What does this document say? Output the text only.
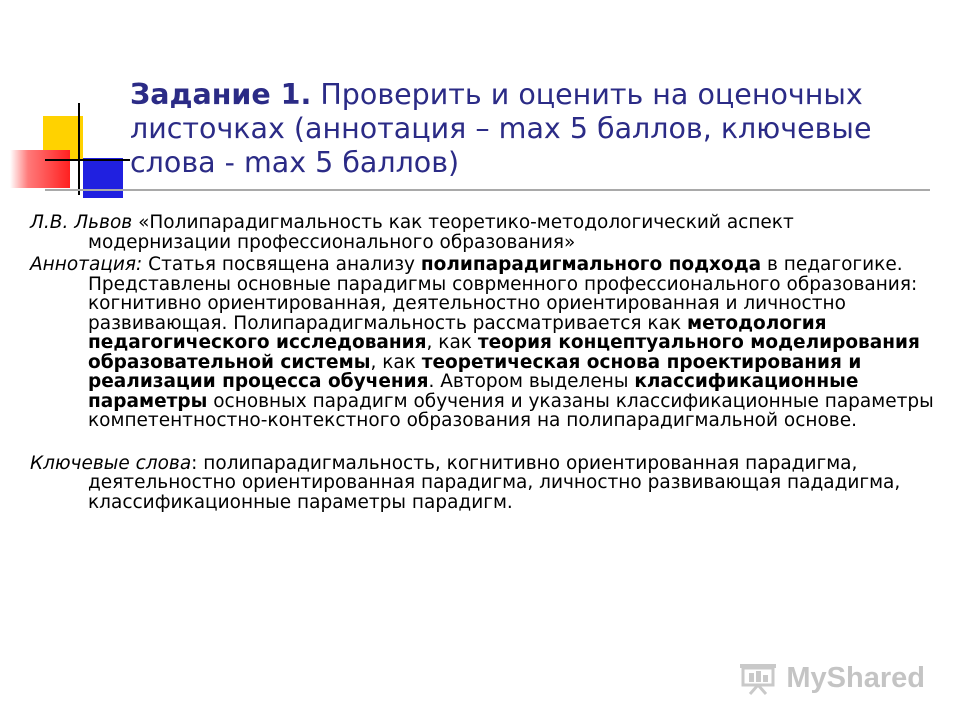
Задание 1. Проверить и оценить на оценочных листочках (аннотация – max 5 баллов, ключевые слова - max 5 баллов)

Л.В. Львов «Полипарадигмальность как теоретико-методологический аспект модернизации профессионального образования»

Аннотация: Статья посвящена анализу полипарадигмального подхода в педагогике. Представлены основные парадигмы соврменного профессионального образования: когнитивно ориентированная, деятельностно ориентированная и личностно развивающая. Полипарадигмальность рассматривается как методология педагогического исследования, как теория концептуального моделирования образовательной системы, как теоретическая основа проектирования и реализации процесса обучения. Автором выделены классификационные параметры основных парадигм обучения и указаны классификационные параметры компетентностно-контекстного образования на полипарадигмальной основе.

Ключевые слова: полипарадигмальность, когнитивно ориентированная парадигма, деятельностно ориентированная парадигма, личностно развивающая пададигма, классификационные параметры парадигм.

MyShared
